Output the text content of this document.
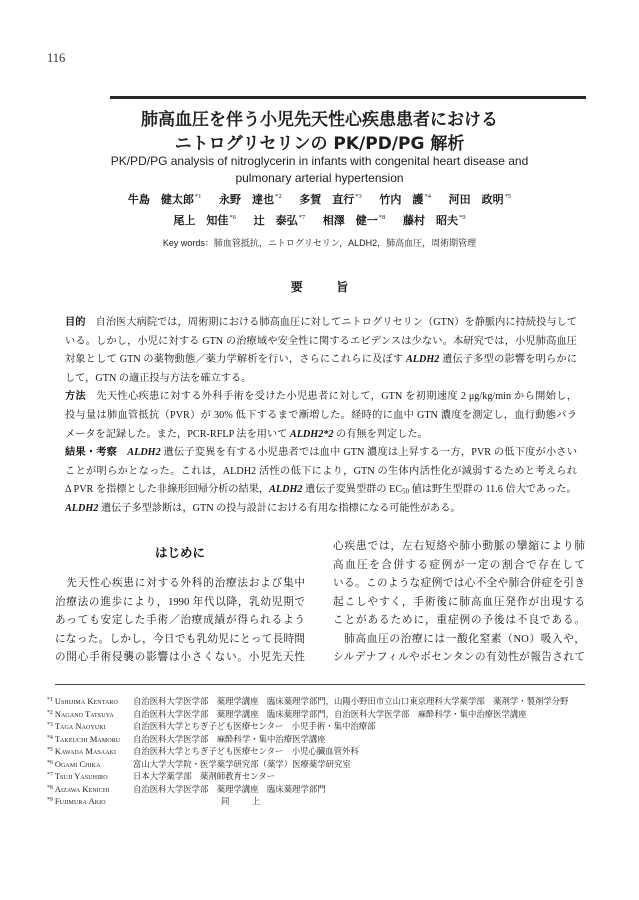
116
肺高血圧を伴う小児先天性心疾患患者における
ニトログリセリンの PK/PD/PG 解析
PK/PD/PG analysis of nitroglycerin in infants with congenital heart disease and
pulmonary arterial hypertension
牛島　健太郎$^{*1}$ 永野　達也$^{*2}$ 多賀　直行$^{*3}$ 竹内　護$^{*4}$ 河田　政明$^{*5}$
尾上　知佳$^{*6}$ 辻　泰弘$^{*7}$ 相澤　健一$^{*8}$ 藤村　昭夫$^{*9}$
Key words：肺血管抵抗，ニトログリセリン，ALDH2，肺高血圧，周術期管理
要　旨
目的 自治医大病院では，周術期における肺高血圧に対してニトログリセリン（GTN）を静脈内に持続投与して
いる。しかし，小児に対する GTN の治療域や安全性に関するエビデンスは少ない。本研究では，小児肺高血圧
対象として GTN の薬物動態／薬力学解析を行い，さらにこれらに及ぼす ALDH2 遺伝子多型の影響を明らかに
して，GTN の適正投与方法を確立する。
方法 先天性心疾患に対する外科手術を受けた小児患者に対して，GTN を初期速度 2 μg/kg/min から開始し，
投与量は肺血管抵抗（PVR）が 30% 低下するまで漸増した。経時的に血中 GTN 濃度を測定し，血行動態パラ
メータを記録した。また，PCR-RFLP 法を用いて ALDH2*2 の有無を判定した。
結果・考察 ALDH2 遺伝子変異を有する小児患者では血中 GTN 濃度は上昇する一方，PVR の低下度が小さい
ことが明らかとなった。これは，ALDH2 活性の低下により，GTN の生体内活性化が減弱するためと考えられ
Δ PVR を指標とした非線形回帰分析の結果，ALDH2 遺伝子変異型群の $EC_{50}$ 値は野生型群の 11.6 倍大であった。
ALDH2 遺伝子多型診断は，GTN の投与設計における有用な指標になる可能性がある。
はじめに
　先天性心疾患に対する外科的治療法および集中
治療法の進歩により，1990 年代以降，乳幼児期で
あっても安定した手術／治療成績が得られるよう
になった。しかし，今日でも乳幼児にとって長時間
の開心手術侵襲の影響は小さくない。小児先天性
心疾患では，左右短絡や肺小動脈の攣縮により肺
高血圧を合併する症例が一定の割合で存在して
いる。このような症例では心不全や肺合併症を引き
起こしやすく，手術後に肺高血圧発作が出現する
ことがあるために，重症例の予後は不良である。
　肺高血圧の治療には一酸化窒素（NO）吸入や，
シルデナフィルやボセンタンの有効性が報告されて
$^{*1}$ Ushijima Kentaro	自治医科大学医学部　薬理学講座　臨床薬理学部門，山陽小野田市立山口東京理科大学薬学部　薬剤学・製剤学分野
$^{*2}$ Nagano Tatsuya	自治医科大学医学部　薬理学講座　臨床薬理学部門，自治医科大学医学部　麻酔科学・集中治療医学講座
$^{*3}$ Taga Naoyuki	自治医科大学とちぎ子ども医療センター　小児手術・集中治療部
$^{*4}$ Takeuchi Mamoru	自治医科大学医学部　麻酔科学・集中治療医学講座
$^{*5}$ Kawada Masaaki	自治医科大学とちぎ子ども医療センター　小児心臓血管外科
$^{*6}$ Ogami Chika	富山大学大学院・医学薬学研究部（薬学）医療薬学研究室
$^{*7}$ Tsuji Yasuhiro	日本大学薬学部　薬剤師教育センター
$^{*8}$ Aizawa Kenichi	自治医科大学医学部　薬理学講座　臨床薬理学部門
$^{*9}$ Fujimura Akio	同　上
